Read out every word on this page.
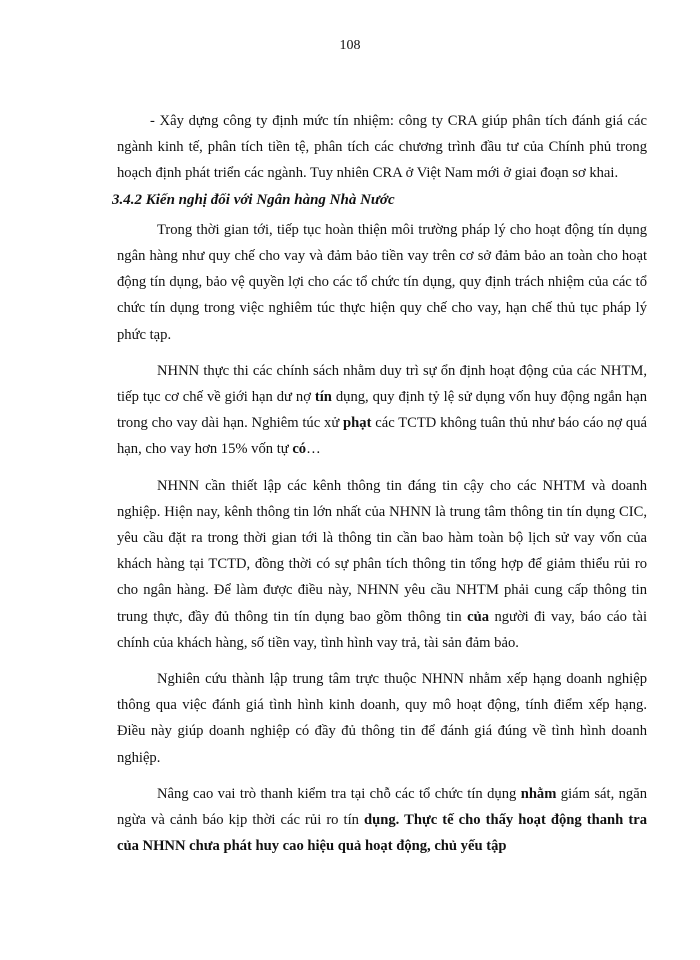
108

- Xây dựng công ty định mức tín nhiệm: công ty CRA giúp phân tích đánh giá các ngành kinh tế, phân tích tiền tệ, phân tích các chương trình đầu tư của Chính phủ trong hoạch định phát triển các ngành. Tuy nhiên CRA ở Việt Nam mới ở giai đoạn sơ khai.

3.4.2 Kiến nghị đối với Ngân hàng Nhà Nước

Trong thời gian tới, tiếp tục hoàn thiện môi trường pháp lý cho hoạt động tín dụng ngân hàng như quy chế cho vay và đảm bảo tiền vay trên cơ sở đảm bảo an toàn cho hoạt động tín dụng, bảo vệ quyền lợi cho các tổ chức tín dụng, quy định trách nhiệm của các tổ chức tín dụng trong việc nghiêm túc thực hiện quy chế cho vay, hạn chế thủ tục pháp lý phức tạp.

NHNN thực thi các chính sách nhằm duy trì sự ổn định hoạt động của các NHTM, tiếp tục cơ chế về giới hạn dư nợ tín dụng, quy định tỷ lệ sử dụng vốn huy động ngắn hạn trong cho vay dài hạn. Nghiêm túc xử phạt các TCTD không tuân thủ như báo cáo nợ quá hạn, cho vay hơn 15% vốn tự có…

NHNN cần thiết lập các kênh thông tin đáng tin cậy cho các NHTM và doanh nghiệp. Hiện nay, kênh thông tin lớn nhất của NHNN là trung tâm thông tin tín dụng CIC, yêu cầu đặt ra trong thời gian tới là thông tin cần bao hàm toàn bộ lịch sử vay vốn của khách hàng tại TCTD, đồng thời có sự phân tích thông tin tổng hợp để giảm thiểu rủi ro cho ngân hàng. Để làm được điều này, NHNN yêu cầu NHTM phải cung cấp thông tin trung thực, đầy đủ thông tin tín dụng bao gồm thông tin của người đi vay, báo cáo tài chính của khách hàng, số tiền vay, tình hình vay trả, tài sản đảm bảo.

Nghiên cứu thành lập trung tâm trực thuộc NHNN nhằm xếp hạng doanh nghiệp thông qua việc đánh giá tình hình kinh doanh, quy mô hoạt động, tính điểm xếp hạng. Điều này giúp doanh nghiệp có đầy đủ thông tin để đánh giá đúng về tình hình doanh nghiệp.

Nâng cao vai trò thanh kiểm tra tại chỗ các tổ chức tín dụng nhằm giám sát, ngăn ngừa và cảnh báo kịp thời các rủi ro tín dụng. Thực tế cho thấy hoạt động thanh tra của NHNN chưa phát huy cao hiệu quả hoạt động, chủ yếu tập
